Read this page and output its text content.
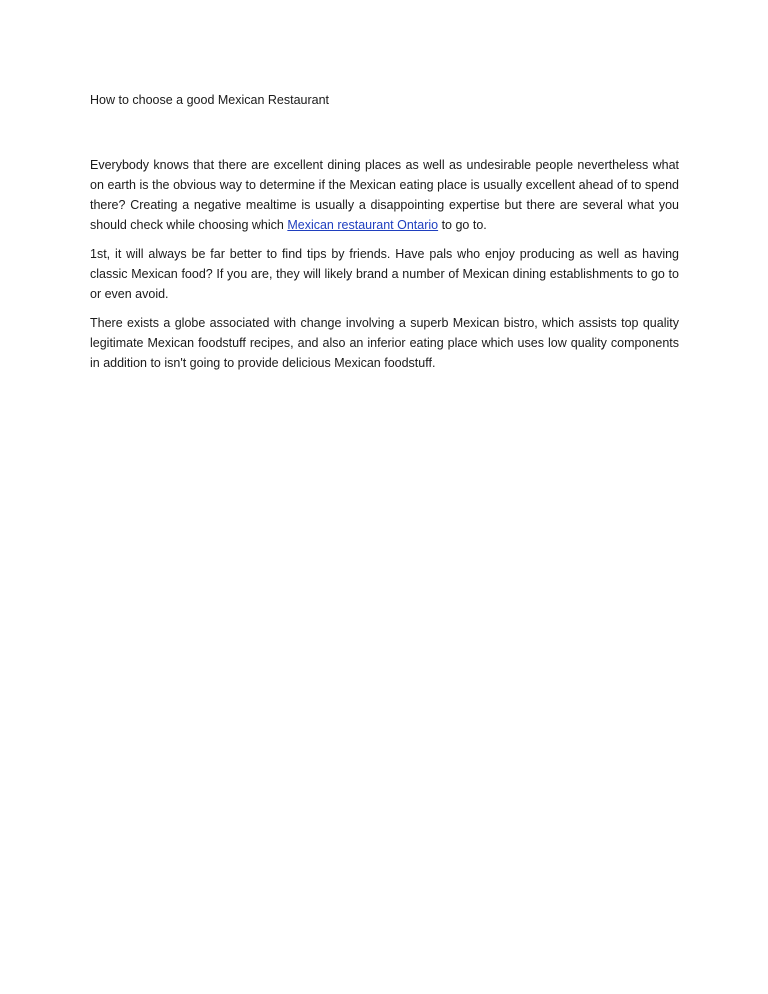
How to choose a good Mexican Restaurant

Everybody knows that there are excellent dining places as well as undesirable people nevertheless what on earth is the obvious way to determine if the Mexican eating place is usually excellent ahead of to spend there? Creating a negative mealtime is usually a disappointing expertise but there are several what you should check while choosing which Mexican restaurant Ontario to go to.

1st, it will always be far better to find tips by friends. Have pals who enjoy producing as well as having classic Mexican food? If you are, they will likely brand a number of Mexican dining establishments to go to or even avoid.

There exists a globe associated with change involving a superb Mexican bistro, which assists top quality legitimate Mexican foodstuff recipes, and also an inferior eating place which uses low quality components in addition to isn't going to provide delicious Mexican foodstuff.
